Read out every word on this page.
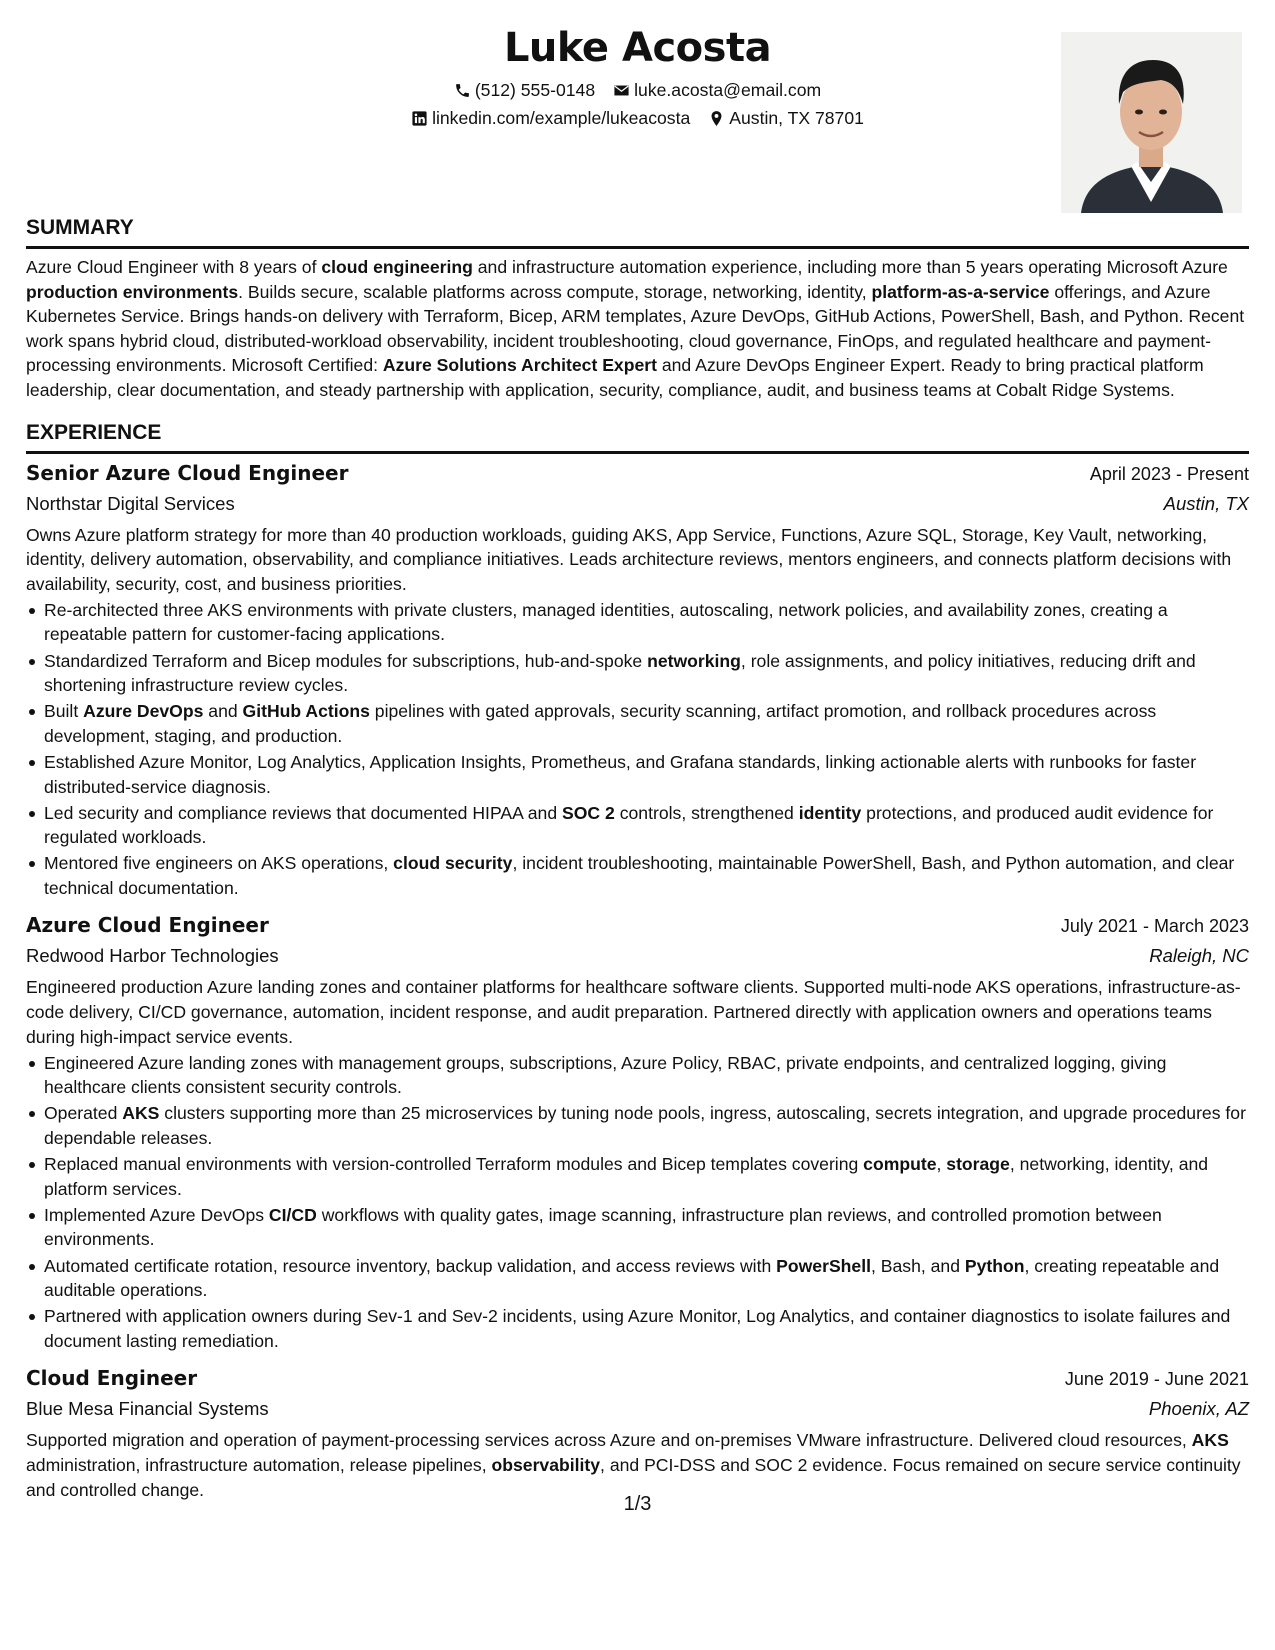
Luke Acosta
(512) 555-0148 luke.acosta@email.com
linkedin.com/example/lukeacosta Austin, TX 78701
SUMMARY

Azure Cloud Engineer with 8 years of cloud engineering and infrastructure automation experience, including more than 5 years operating Microsoft Azure production environments. Builds secure, scalable platforms across compute, storage, networking, identity, platform-as-a-service offerings, and Azure Kubernetes Service. Brings hands-on delivery with Terraform, Bicep, ARM templates, Azure DevOps, GitHub Actions, PowerShell, Bash, and Python. Recent work spans hybrid cloud, distributed-workload observability, incident troubleshooting, cloud governance, FinOps, and regulated healthcare and payment-processing environments. Microsoft Certified: Azure Solutions Architect Expert and Azure DevOps Engineer Expert. Ready to bring practical platform leadership, clear documentation, and steady partnership with application, security, compliance, audit, and business teams at Cobalt Ridge Systems.

EXPERIENCE
Senior Azure Cloud Engineer	April 2023 - Present
Northstar Digital Services	Austin, TX

Owns Azure platform strategy for more than 40 production workloads, guiding AKS, App Service, Functions, Azure SQL, Storage, Key Vault, networking, identity, delivery automation, observability, and compliance initiatives. Leads architecture reviews, mentors engineers, and connects platform decisions with availability, security, cost, and business priorities.

Re-architected three AKS environments with private clusters, managed identities, autoscaling, network policies, and availability zones, creating a repeatable pattern for customer-facing applications.
Standardized Terraform and Bicep modules for subscriptions, hub-and-spoke networking, role assignments, and policy initiatives, reducing drift and shortening infrastructure review cycles.
Built Azure DevOps and GitHub Actions pipelines with gated approvals, security scanning, artifact promotion, and rollback procedures across development, staging, and production.
Established Azure Monitor, Log Analytics, Application Insights, Prometheus, and Grafana standards, linking actionable alerts with runbooks for faster distributed-service diagnosis.
Led security and compliance reviews that documented HIPAA and SOC 2 controls, strengthened identity protections, and produced audit evidence for regulated workloads.
Mentored five engineers on AKS operations, cloud security, incident troubleshooting, maintainable PowerShell, Bash, and Python automation, and clear technical documentation.
Azure Cloud Engineer	July 2021 - March 2023
Redwood Harbor Technologies	Raleigh, NC

Engineered production Azure landing zones and container platforms for healthcare software clients. Supported multi-node AKS operations, infrastructure-as-code delivery, CI/CD governance, automation, incident response, and audit preparation. Partnered directly with application owners and operations teams during high-impact service events.

Engineered Azure landing zones with management groups, subscriptions, Azure Policy, RBAC, private endpoints, and centralized logging, giving healthcare clients consistent security controls.
Operated AKS clusters supporting more than 25 microservices by tuning node pools, ingress, autoscaling, secrets integration, and upgrade procedures for dependable releases.
Replaced manual environments with version-controlled Terraform modules and Bicep templates covering compute, storage, networking, identity, and platform services.
Implemented Azure DevOps CI/CD workflows with quality gates, image scanning, infrastructure plan reviews, and controlled promotion between environments.
Automated certificate rotation, resource inventory, backup validation, and access reviews with PowerShell, Bash, and Python, creating repeatable and auditable operations.
Partnered with application owners during Sev-1 and Sev-2 incidents, using Azure Monitor, Log Analytics, and container diagnostics to isolate failures and document lasting remediation.
Cloud Engineer	June 2019 - June 2021
Blue Mesa Financial Systems	Phoenix, AZ

Supported migration and operation of payment-processing services across Azure and on-premises VMware infrastructure. Delivered cloud resources, AKS administration, infrastructure automation, release pipelines, observability, and PCI-DSS and SOC 2 evidence. Focus remained on secure service continuity and controlled change.

1/3
